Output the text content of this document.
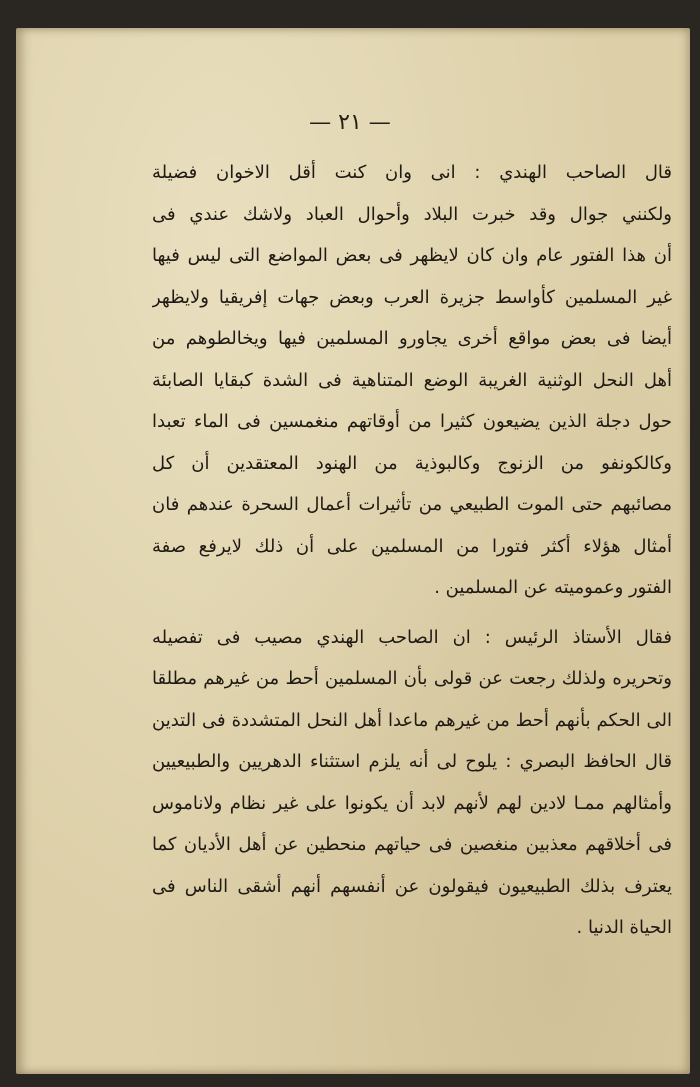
— ٢١ —
قال الصاحب الهندي : انى وان كنت أقل الاخوان فضيلة
ولكنني جوال وقد خبرت البلاد وأحوال العباد ولاشك عندي فى
أن هذا الفتور عام وان كان لايظهر فى بعض المواضع التى ليس فيها
غير المسلمين كأواسط جزيرة العرب وبعض جهات إفريقيا ولايظهر
أيضا فى بعض مواقع أخرى يجاورو المسلمين فيها ويخالطوهم من
أهل النحل الوثنية الغريبة الوضع المتناهية فى الشدة كبقايا الصابئة
حول دجلة الذين يضيعون كثيرا من أوقاتهم منغمسين فى الماء تعبدا
وكالكونفو من الزنوج وكالبوذية من الهنود المعتقدين أن كل
مصائبهم حتى الموت الطبيعي من تأثيرات أعمال السحرة عندهم فان
أمثال هؤلاء أكثر فتورا من المسلمين على أن ذلك لايرفع صفة
الفتور وعموميته عن المسلمين .
فقال الأستاذ الرئيس : ان الصاحب الهندي مصيب فى تفصيله
وتحريره ولذلك رجعت عن قولى بأن المسلمين أحط من غيرهم مطلقا
الى الحكم بأنهم أحط من غيرهم ماعدا أهل النحل المتشددة فى التدين
قال الحافظ البصري : يلوح لى أنه يلزم استثناء الدهريين والطبيعيين
وأمثالهم ممـا لادين لهم لأنهم لابد أن يكونوا على غير نظام ولاناموس
فى أخلاقهم معذبين منغصين فى حياتهم منحطين عن أهل الأديان كما
يعترف بذلك الطبيعيون فيقولون عن أنفسهم أنهم أشقى الناس فى
الحياة الدنيا .
